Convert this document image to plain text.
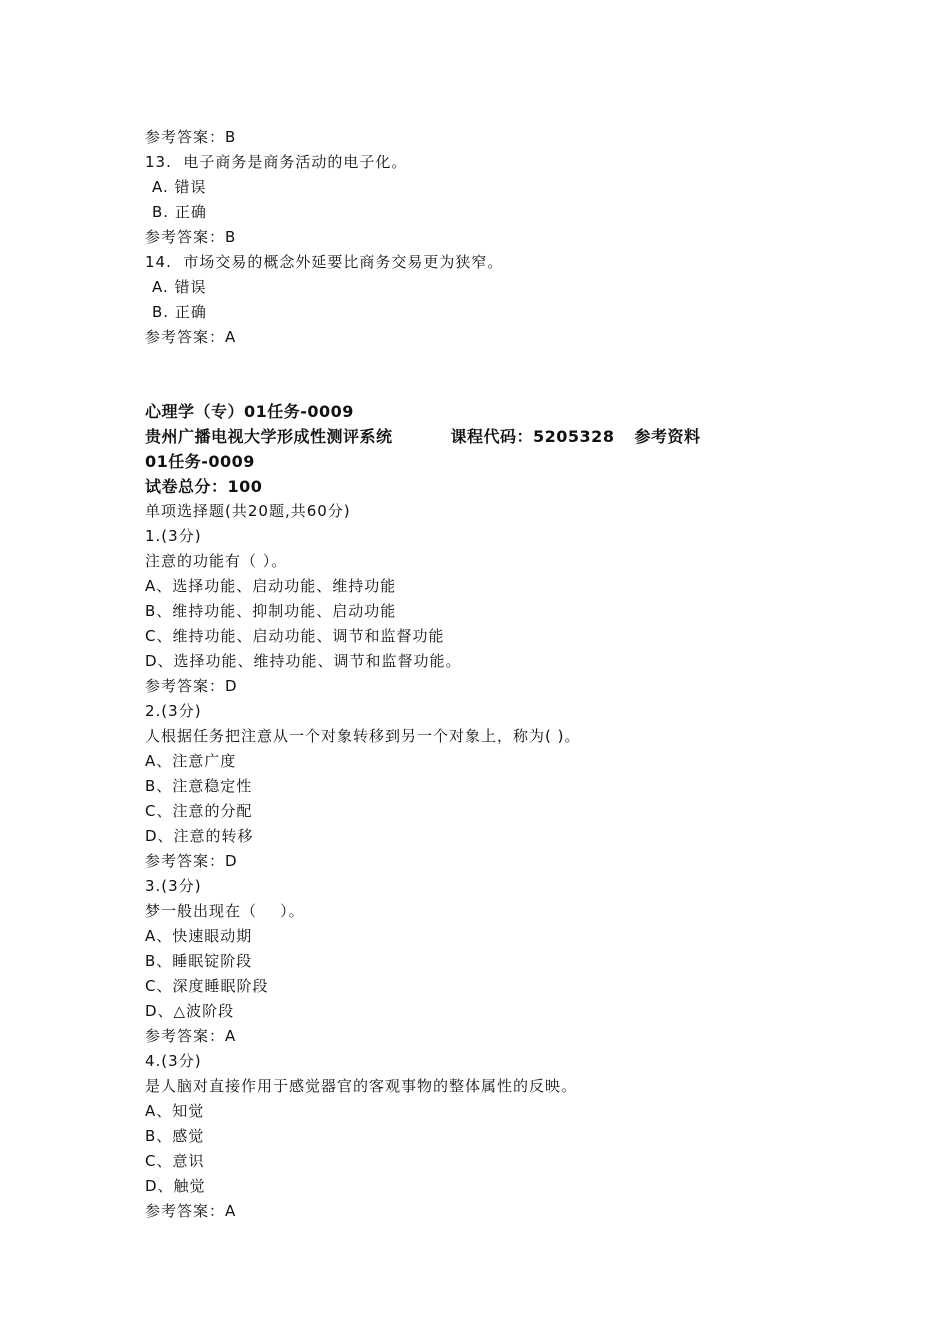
参考答案：B
13. 电子商务是商务活动的电子化。
A. 错误
B. 正确
参考答案：B
14. 市场交易的概念外延要比商务交易更为狭窄。
A. 错误
B. 正确
参考答案：A
心理学（专）01任务-0009
贵州广播电视大学形成性测评系统	课程代码：5205328 参考资料
01任务-0009
试卷总分：100
单项选择题(共20题,共60分)
1.(3分)
注意的功能有（ ）。
A、选择功能、启动功能、维持功能
B、维持功能、抑制功能、启动功能
C、维持功能、启动功能、调节和监督功能
D、选择功能、维持功能、调节和监督功能。
参考答案：D
2.(3分)
人根据任务把注意从一个对象转移到另一个对象上，称为( )。
A、注意广度
B、注意稳定性
C、注意的分配
D、注意的转移
参考答案：D
3.(3分)
梦一般出现在（    ）。
A、快速眼动期
B、睡眠锭阶段
C、深度睡眠阶段
D、△波阶段
参考答案：A
4.(3分)
是人脑对直接作用于感觉器官的客观事物的整体属性的反映。
A、知觉
B、感觉
C、意识
D、触觉
参考答案：A
